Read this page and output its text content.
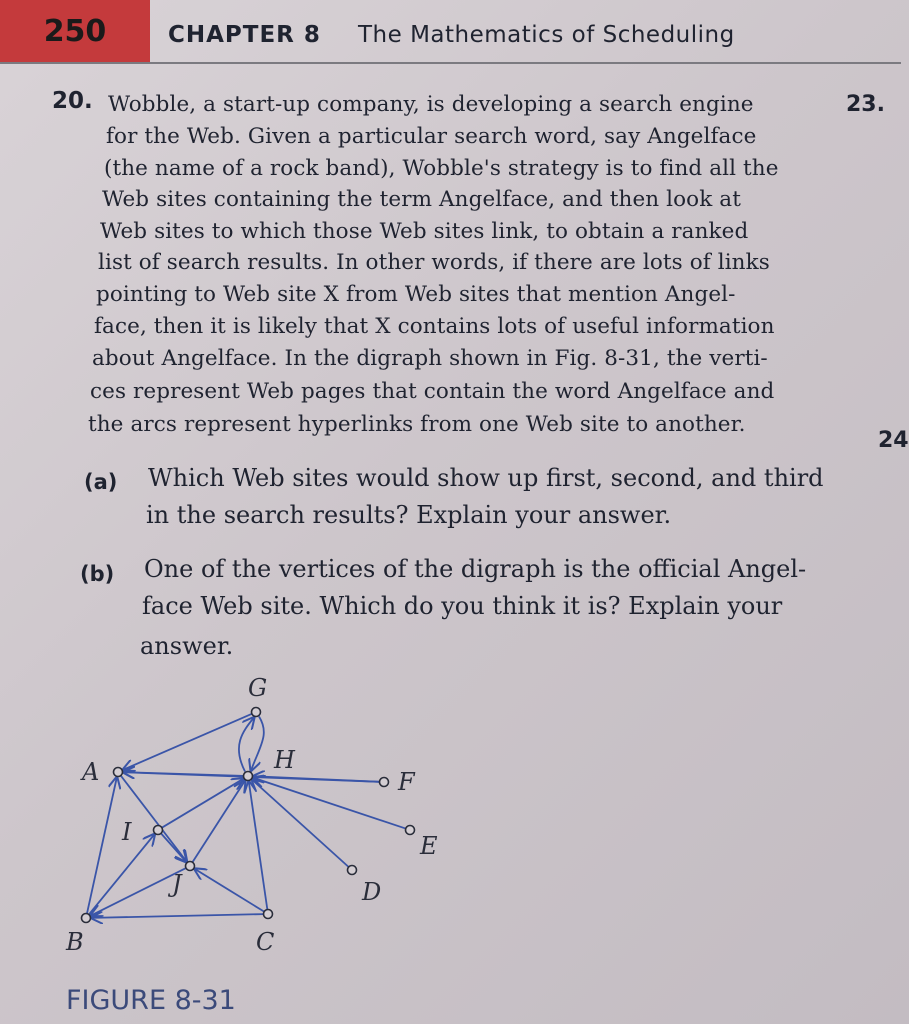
250	CHAPTER 8 The Mathematics of Scheduling
20.	23.
24
Wobble, a start-up company, is developing a search engine
for the Web. Given a particular search word, say Angelface
(the name of a rock band), Wobble's strategy is to find all the
Web sites containing the term Angelface, and then look at
Web sites to which those Web sites link, to obtain a ranked
list of search results. In other words, if there are lots of links
pointing to Web site X from Web sites that mention Angel-
face, then it is likely that X contains lots of useful information
about Angelface. In the digraph shown in Fig. 8-31, the verti-
ces represent Web pages that contain the word Angelface and
the arcs represent hyperlinks from one Web site to another.
(a) Which Web sites would show up first, second, and third
in the search results? Explain your answer.
(b) One of the vertices of the digraph is the official Angel-
face Web site. Which do you think it is? Explain your
answer.
A
B	C
D
E
F
G
H
I
J
FIGURE 8-31
